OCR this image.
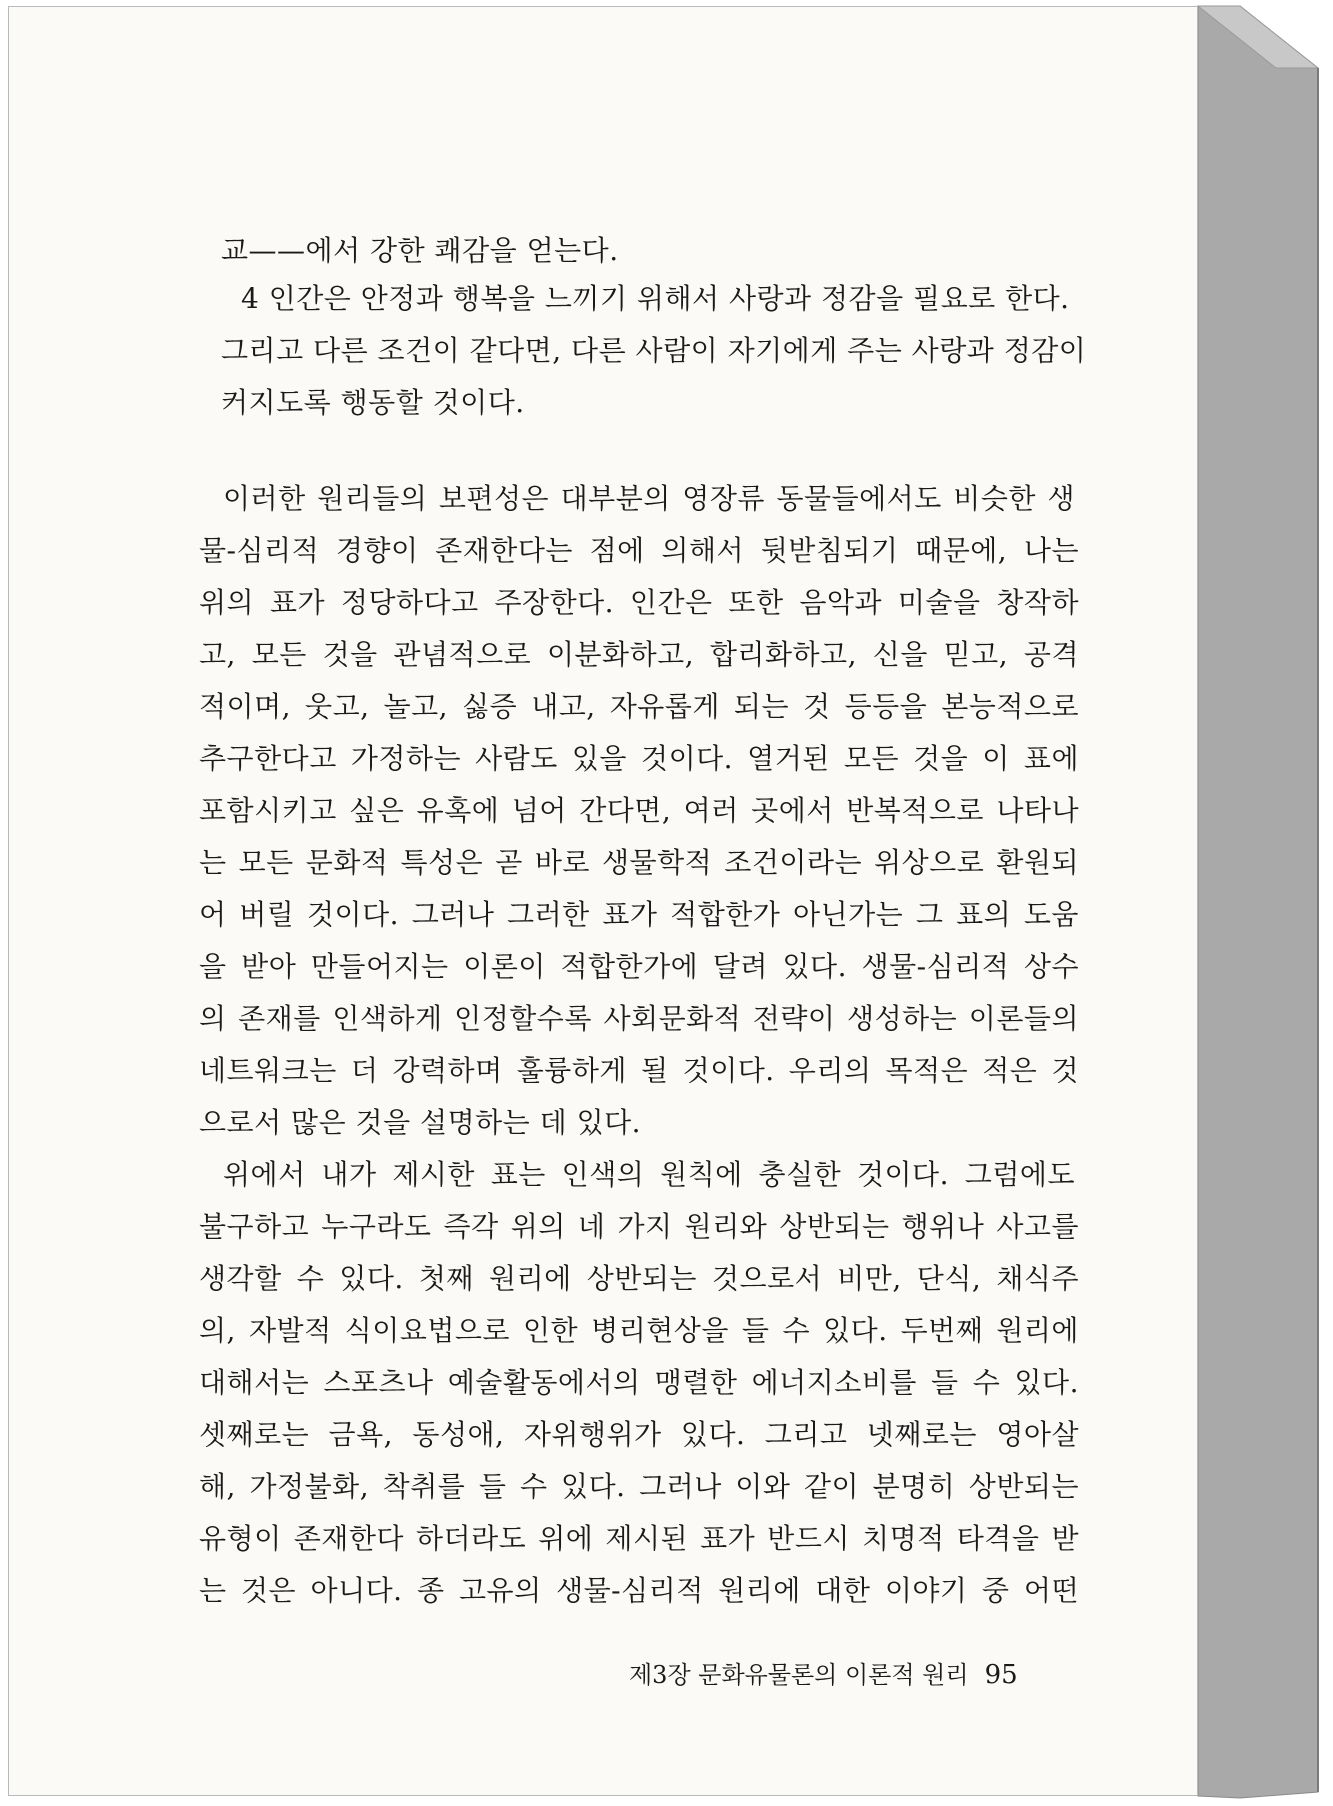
교——에서 강한 쾌감을 얻는다.
4 인간은 안정과 행복을 느끼기 위해서 사랑과 정감을 필요로 한다.
그리고 다른 조건이 같다면, 다른 사람이 자기에게 주는 사랑과 정감이
커지도록 행동할 것이다.
이러한 원리들의 보편성은 대부분의 영장류 동물들에서도 비슷한 생
물-심리적 경향이 존재한다는 점에 의해서 뒷받침되기 때문에, 나는
위의 표가 정당하다고 주장한다. 인간은 또한 음악과 미술을 창작하
고, 모든 것을 관념적으로 이분화하고, 합리화하고, 신을 믿고, 공격
적이며, 웃고, 놀고, 싫증 내고, 자유롭게 되는 것 등등을 본능적으로
추구한다고 가정하는 사람도 있을 것이다. 열거된 모든 것을 이 표에
포함시키고 싶은 유혹에 넘어 간다면, 여러 곳에서 반복적으로 나타나
는 모든 문화적 특성은 곧 바로 생물학적 조건이라는 위상으로 환원되
어 버릴 것이다. 그러나 그러한 표가 적합한가 아닌가는 그 표의 도움
을 받아 만들어지는 이론이 적합한가에 달려 있다. 생물-심리적 상수
의 존재를 인색하게 인정할수록 사회문화적 전략이 생성하는 이론들의
네트워크는 더 강력하며 훌륭하게 될 것이다. 우리의 목적은 적은 것
으로서 많은 것을 설명하는 데 있다.
위에서 내가 제시한 표는 인색의 원칙에 충실한 것이다. 그럼에도
불구하고 누구라도 즉각 위의 네 가지 원리와 상반되는 행위나 사고를
생각할 수 있다. 첫째 원리에 상반되는 것으로서 비만, 단식, 채식주
의, 자발적 식이요법으로 인한 병리현상을 들 수 있다. 두번째 원리에
대해서는 스포츠나 예술활동에서의 맹렬한 에너지소비를 들 수 있다.
셋째로는 금욕, 동성애, 자위행위가 있다. 그리고 넷째로는 영아살
해, 가정불화, 착취를 들 수 있다. 그러나 이와 같이 분명히 상반되는
유형이 존재한다 하더라도 위에 제시된 표가 반드시 치명적 타격을 받
는 것은 아니다. 종 고유의 생물-심리적 원리에 대한 이야기 중 어떤
제3장 문화유물론의 이론적 원리 95
